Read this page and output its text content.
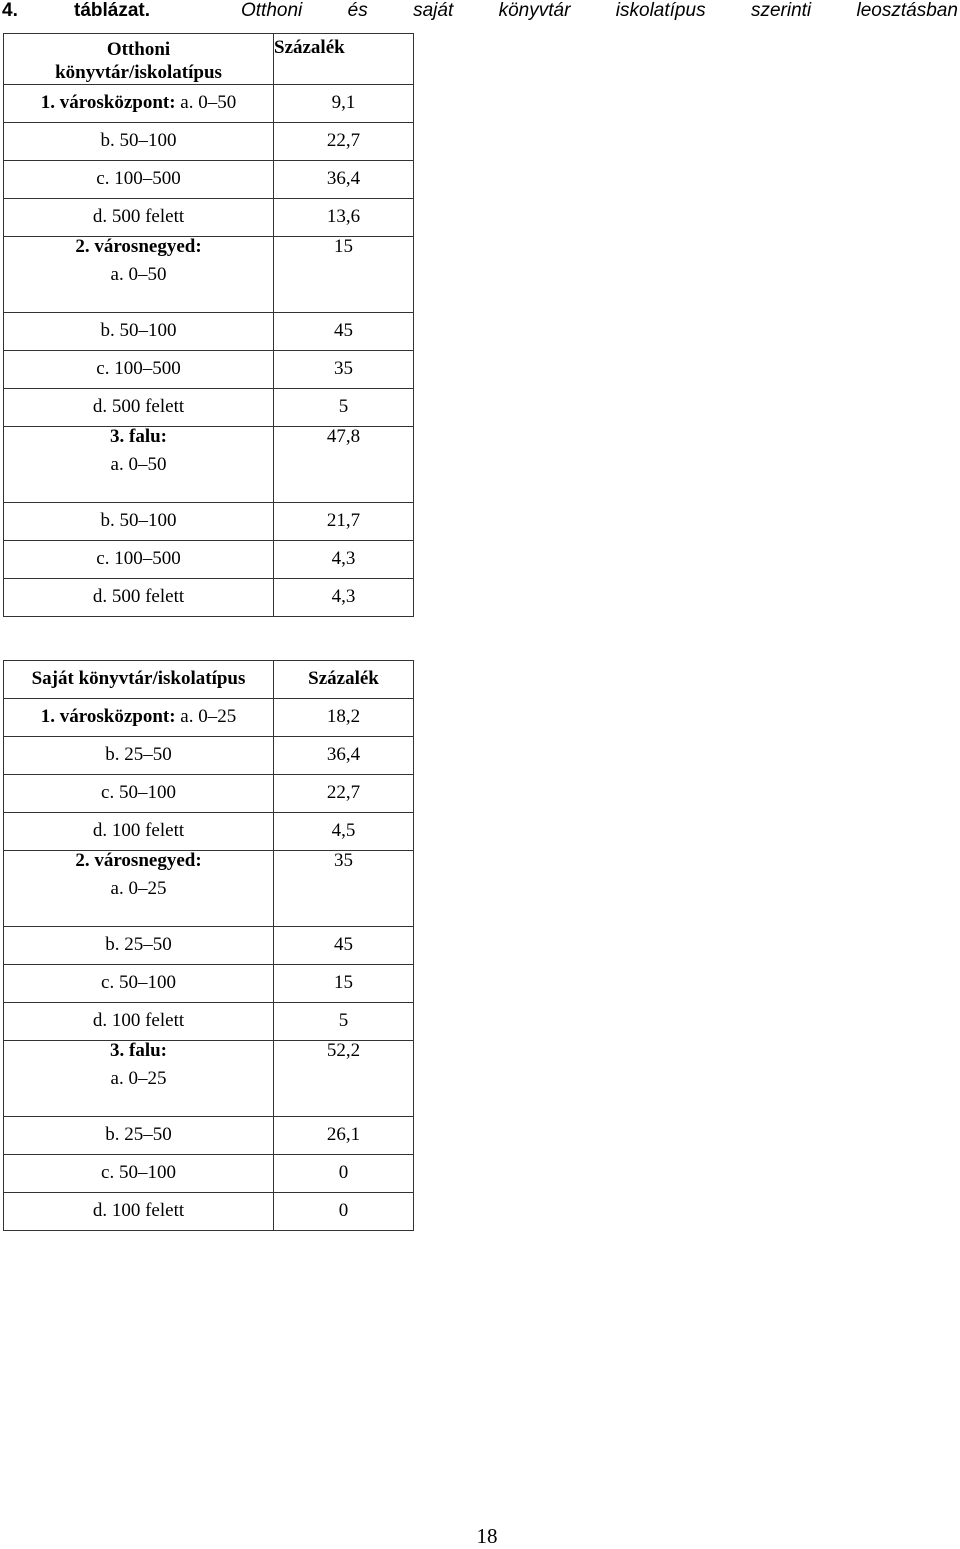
4.	táblázat.	Otthoni és saját könyvtár iskolatípus szerinti leosztásban
Otthoni könyvtár/iskolatípus	Százalék

1. városközpont: a. 0–50	9,1

b. 50–100	22,7

c. 100–500	36,4

d. 500 felett	13,6
2. városnegyed:
a. 0–50	15

b. 50–100	45

c. 100–500	35

d. 500 felett	5
3. falu:
a. 0–50	47,8

b. 50–100	21,7

c. 100–500	4,3

d. 500 felett	4,3
Saját könyvtár/iskolatípus	Százalék

1. városközpont: a. 0–25	18,2

b. 25–50	36,4

c. 50–100	22,7

d. 100 felett	4,5
2. városnegyed:
a. 0–25	35

b. 25–50	45

c. 50–100	15

d. 100 felett	5
3. falu:
a. 0–25	52,2

b. 25–50	26,1

c. 50–100	0

d. 100 felett	0
18
